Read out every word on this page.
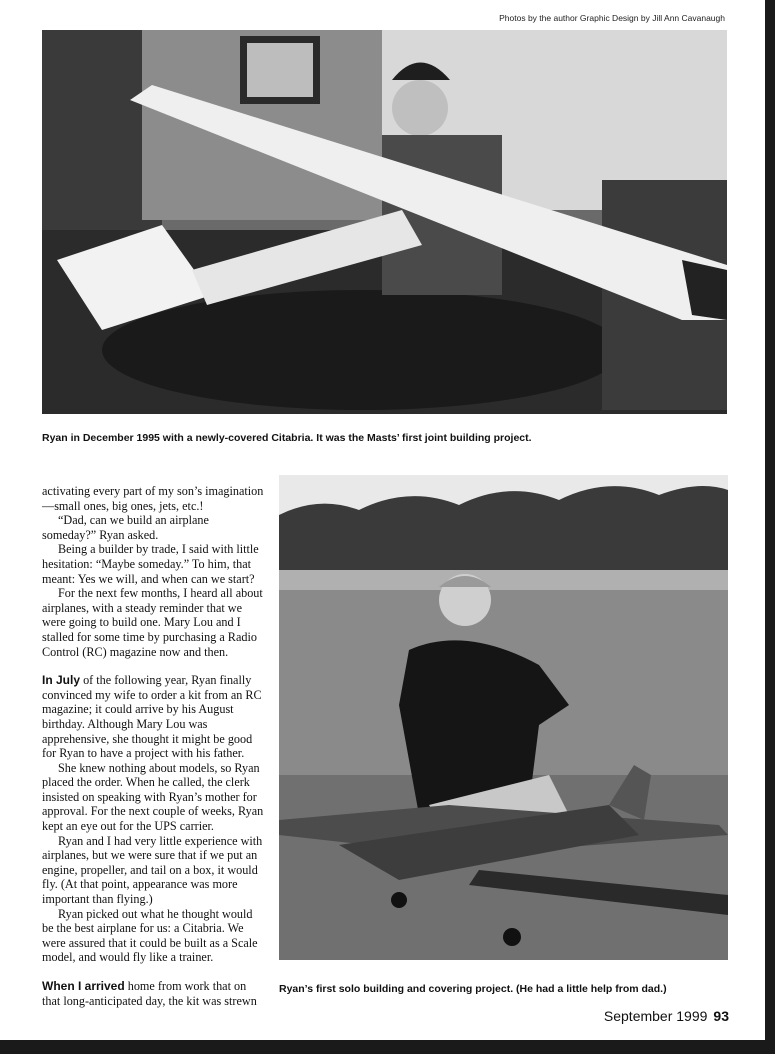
Photos by the author Graphic Design by Jill Ann Cavanaugh
Ryan in December 1995 with a newly-covered Citabria. It was the Masts’ first joint building project.

activating every part of my son’s imagination—small ones, big ones, jets, etc.!

“Dad, can we build an airplane someday?” Ryan asked.

Being a builder by trade, I said with little hesitation: “Maybe someday.” To him, that meant: Yes we will, and when can we start?

For the next few months, I heard all about airplanes, with a steady reminder that we were going to build one. Mary Lou and I stalled for some time by purchasing a Radio Control (RC) magazine now and then.

In July of the following year, Ryan finally convinced my wife to order a kit from an RC magazine; it could arrive by his August birthday. Although Mary Lou was apprehensive, she thought it might be good for Ryan to have a project with his father.

She knew nothing about models, so Ryan placed the order. When he called, the clerk insisted on speaking with Ryan’s mother for approval. For the next couple of weeks, Ryan kept an eye out for the UPS carrier.

Ryan and I had very little experience with airplanes, but we were sure that if we put an engine, propeller, and tail on a box, it would fly. (At that point, appearance was more important than flying.)

Ryan picked out what he thought would be the best airplane for us: a Citabria. We were assured that it could be built as a Scale model, and would fly like a trainer.

When I arrived home from work that on that long-anticipated day, the kit was strewn

Ryan’s first solo building and covering project. (He had a little help from dad.)
September 1999 93
